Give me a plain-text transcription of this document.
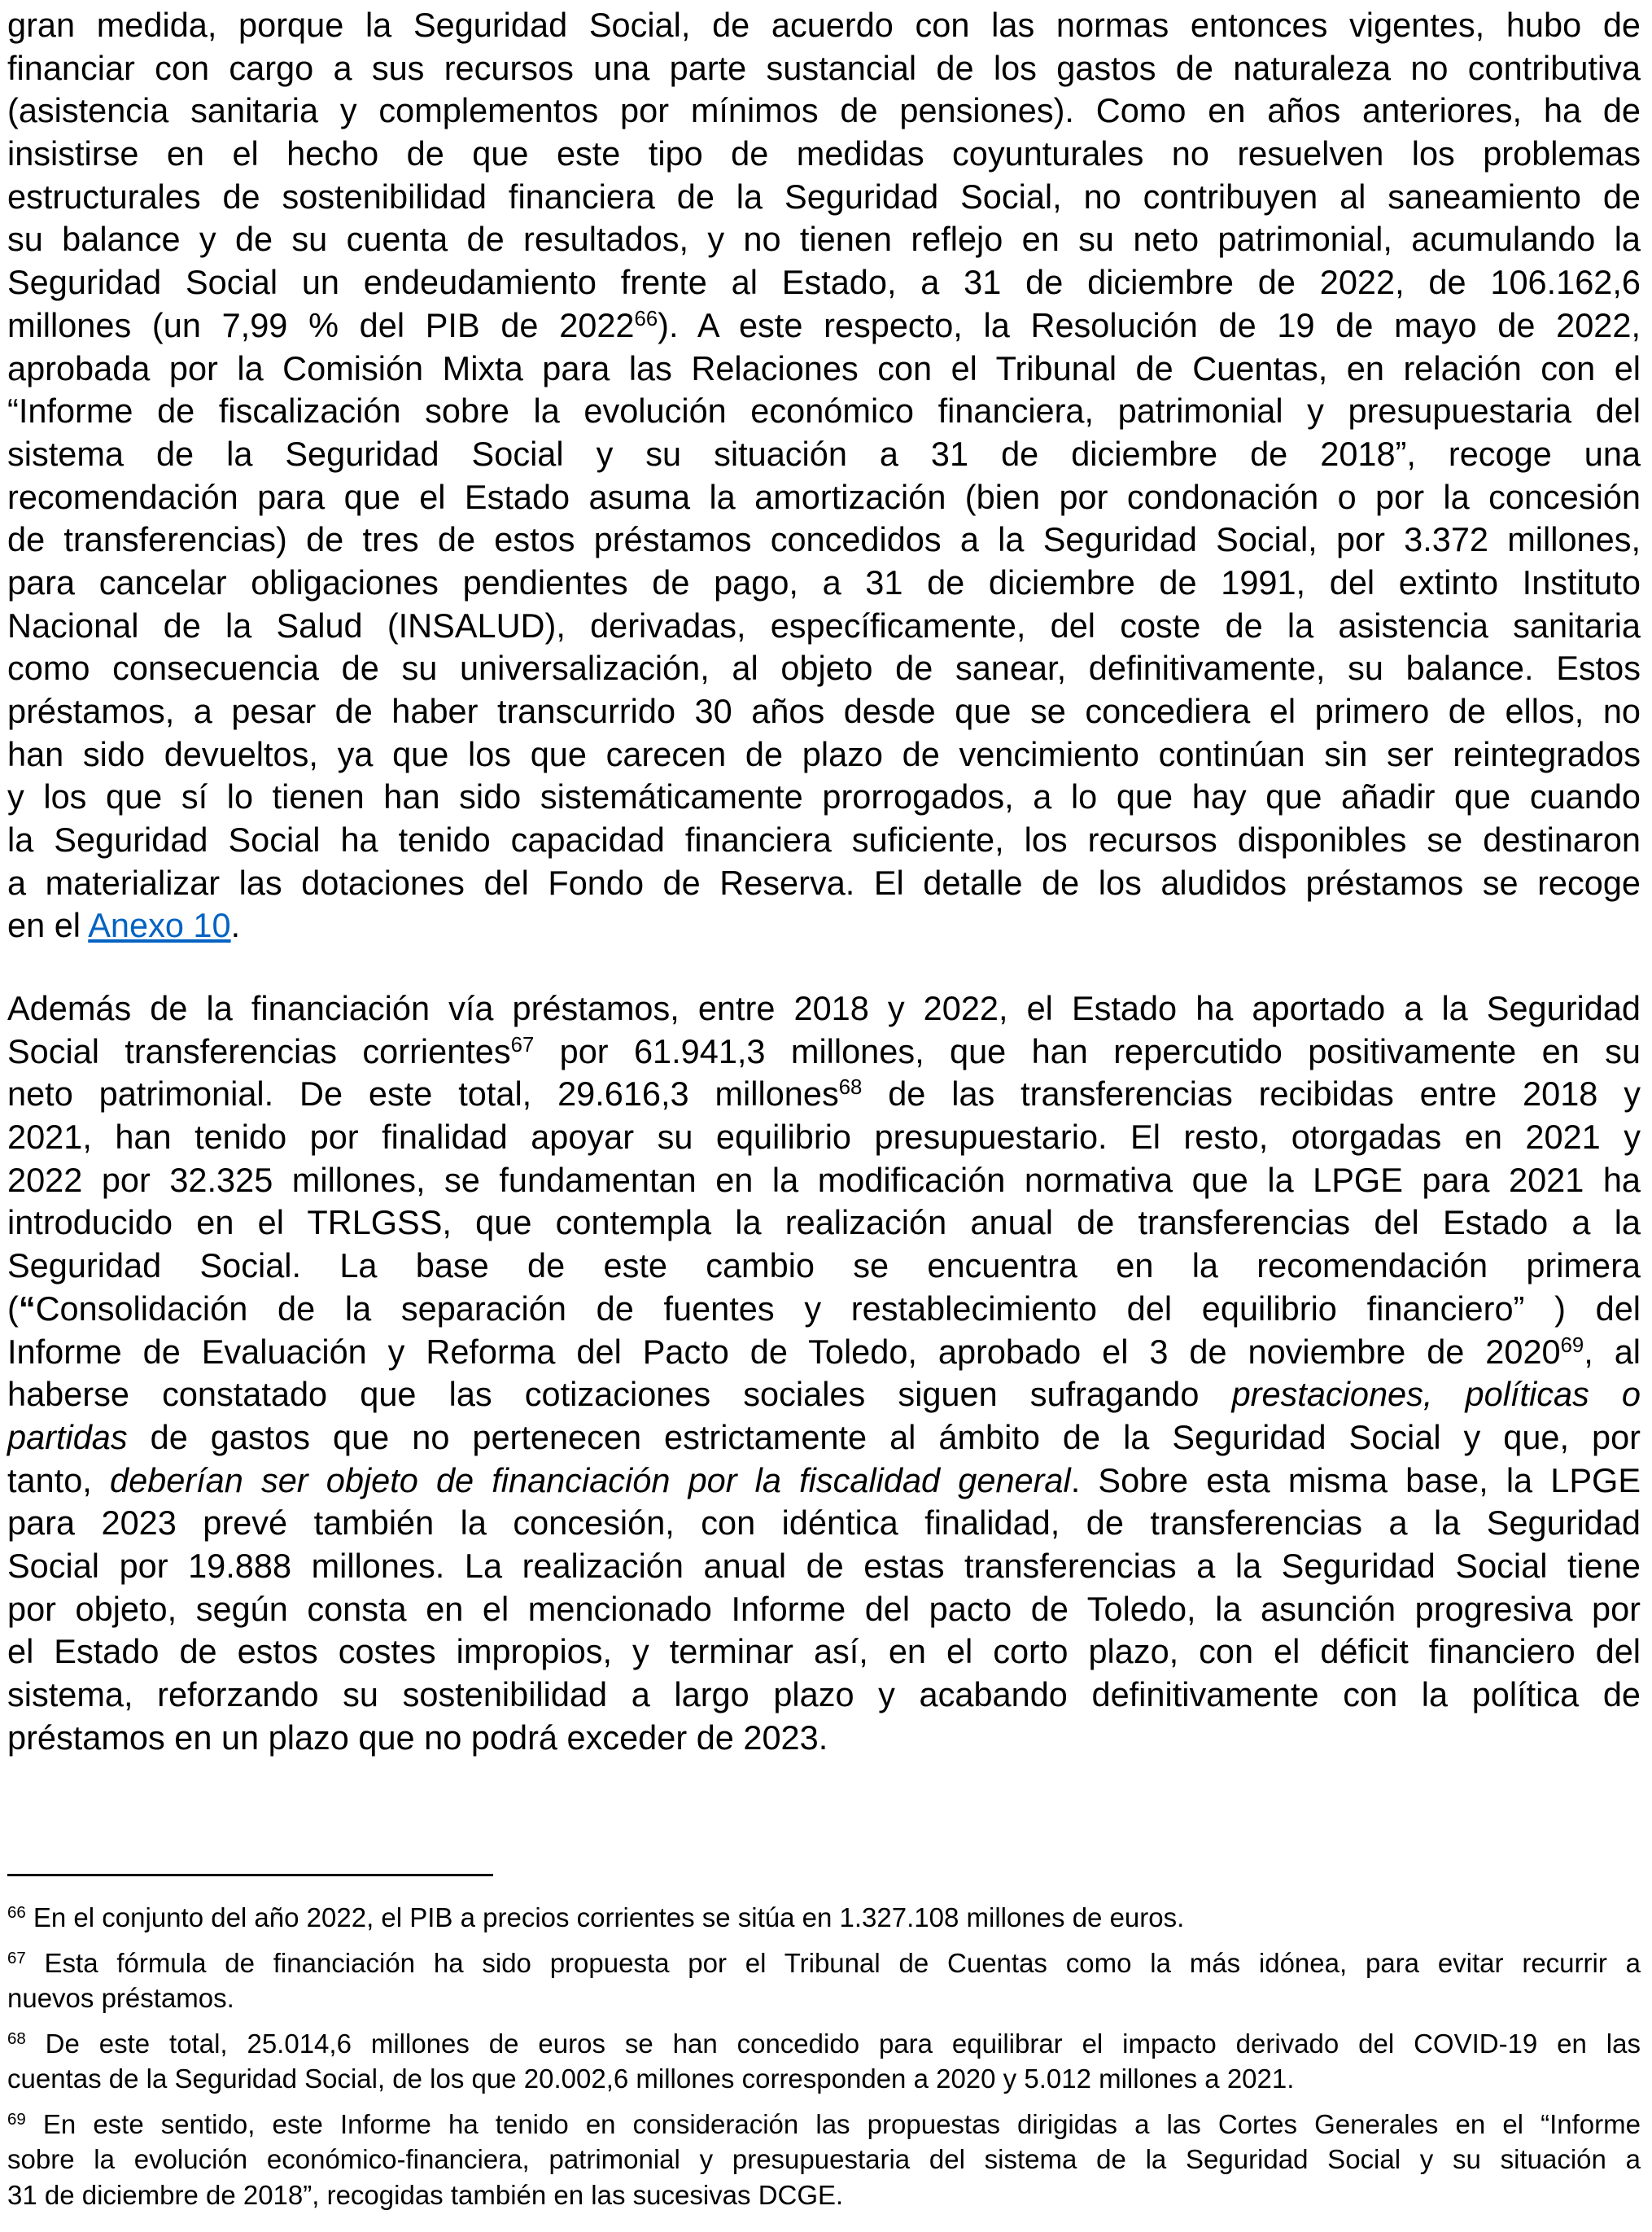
gran medida, porque la Seguridad Social, de acuerdo con las normas entonces vigentes, hubo de
financiar con cargo a sus recursos una parte sustancial de los gastos de naturaleza no contributiva
(asistencia sanitaria y complementos por mínimos de pensiones). Como en años anteriores, ha de
insistirse en el hecho de que este tipo de medidas coyunturales no resuelven los problemas
estructurales de sostenibilidad financiera de la Seguridad Social, no contribuyen al saneamiento de
su balance y de su cuenta de resultados, y no tienen reflejo en su neto patrimonial, acumulando la
Seguridad Social un endeudamiento frente al Estado, a 31 de diciembre de 2022, de 106.162,6
millones (un 7,99 % del PIB de 2022$^{66}$). A este respecto, la Resolución de 19 de mayo de 2022,
aprobada por la Comisión Mixta para las Relaciones con el Tribunal de Cuentas, en relación con el
“Informe de fiscalización sobre la evolución económico financiera, patrimonial y presupuestaria del
sistema de la Seguridad Social y su situación a 31 de diciembre de 2018”, recoge una
recomendación para que el Estado asuma la amortización (bien por condonación o por la concesión
de transferencias) de tres de estos préstamos concedidos a la Seguridad Social, por 3.372 millones,
para cancelar obligaciones pendientes de pago, a 31 de diciembre de 1991, del extinto Instituto
Nacional de la Salud (INSALUD), derivadas, específicamente, del coste de la asistencia sanitaria
como consecuencia de su universalización, al objeto de sanear, definitivamente, su balance. Estos
préstamos, a pesar de haber transcurrido 30 años desde que se concediera el primero de ellos, no
han sido devueltos, ya que los que carecen de plazo de vencimiento continúan sin ser reintegrados
y los que sí lo tienen han sido sistemáticamente prorrogados, a lo que hay que añadir que cuando
la Seguridad Social ha tenido capacidad financiera suficiente, los recursos disponibles se destinaron
a materializar las dotaciones del Fondo de Reserva. El detalle de los aludidos préstamos se recoge
en el Anexo 10.
Además de la financiación vía préstamos, entre 2018 y 2022, el Estado ha aportado a la Seguridad
Social transferencias corrientes$^{67}$ por 61.941,3 millones, que han repercutido positivamente en su
neto patrimonial. De este total, 29.616,3 millones$^{68}$ de las transferencias recibidas entre 2018 y
2021, han tenido por finalidad apoyar su equilibrio presupuestario. El resto, otorgadas en 2021 y
2022 por 32.325 millones, se fundamentan en la modificación normativa que la LPGE para 2021 ha
introducido en el TRLGSS, que contempla la realización anual de transferencias del Estado a la
Seguridad Social. La base de este cambio se encuentra en la recomendación primera
(“Consolidación de la separación de fuentes y restablecimiento del equilibrio financiero” ) del
Informe de Evaluación y Reforma del Pacto de Toledo, aprobado el 3 de noviembre de 2020$^{69}$, al
haberse constatado que las cotizaciones sociales siguen sufragando prestaciones, políticas o
partidas de gastos que no pertenecen estrictamente al ámbito de la Seguridad Social y que, por
tanto, deberían ser objeto de financiación por la fiscalidad general. Sobre esta misma base, la LPGE
para 2023 prevé también la concesión, con idéntica finalidad, de transferencias a la Seguridad
Social por 19.888 millones. La realización anual de estas transferencias a la Seguridad Social tiene
por objeto, según consta en el mencionado Informe del pacto de Toledo, la asunción progresiva por
el Estado de estos costes impropios, y terminar así, en el corto plazo, con el déficit financiero del
sistema, reforzando su sostenibilidad a largo plazo y acabando definitivamente con la política de
préstamos en un plazo que no podrá exceder de 2023.
$^{66}$ En el conjunto del año 2022, el PIB a precios corrientes se sitúa en 1.327.108 millones de euros.
$^{67}$ Esta fórmula de financiación ha sido propuesta por el Tribunal de Cuentas como la más idónea, para evitar recurrir a
nuevos préstamos.
$^{68}$ De este total, 25.014,6 millones de euros se han concedido para equilibrar el impacto derivado del COVID-19 en las
cuentas de la Seguridad Social, de los que 20.002,6 millones corresponden a 2020 y 5.012 millones a 2021.
$^{69}$ En este sentido, este Informe ha tenido en consideración las propuestas dirigidas a las Cortes Generales en el “Informe
sobre la evolución económico-financiera, patrimonial y presupuestaria del sistema de la Seguridad Social y su situación a
31 de diciembre de 2018”, recogidas también en las sucesivas DCGE.
